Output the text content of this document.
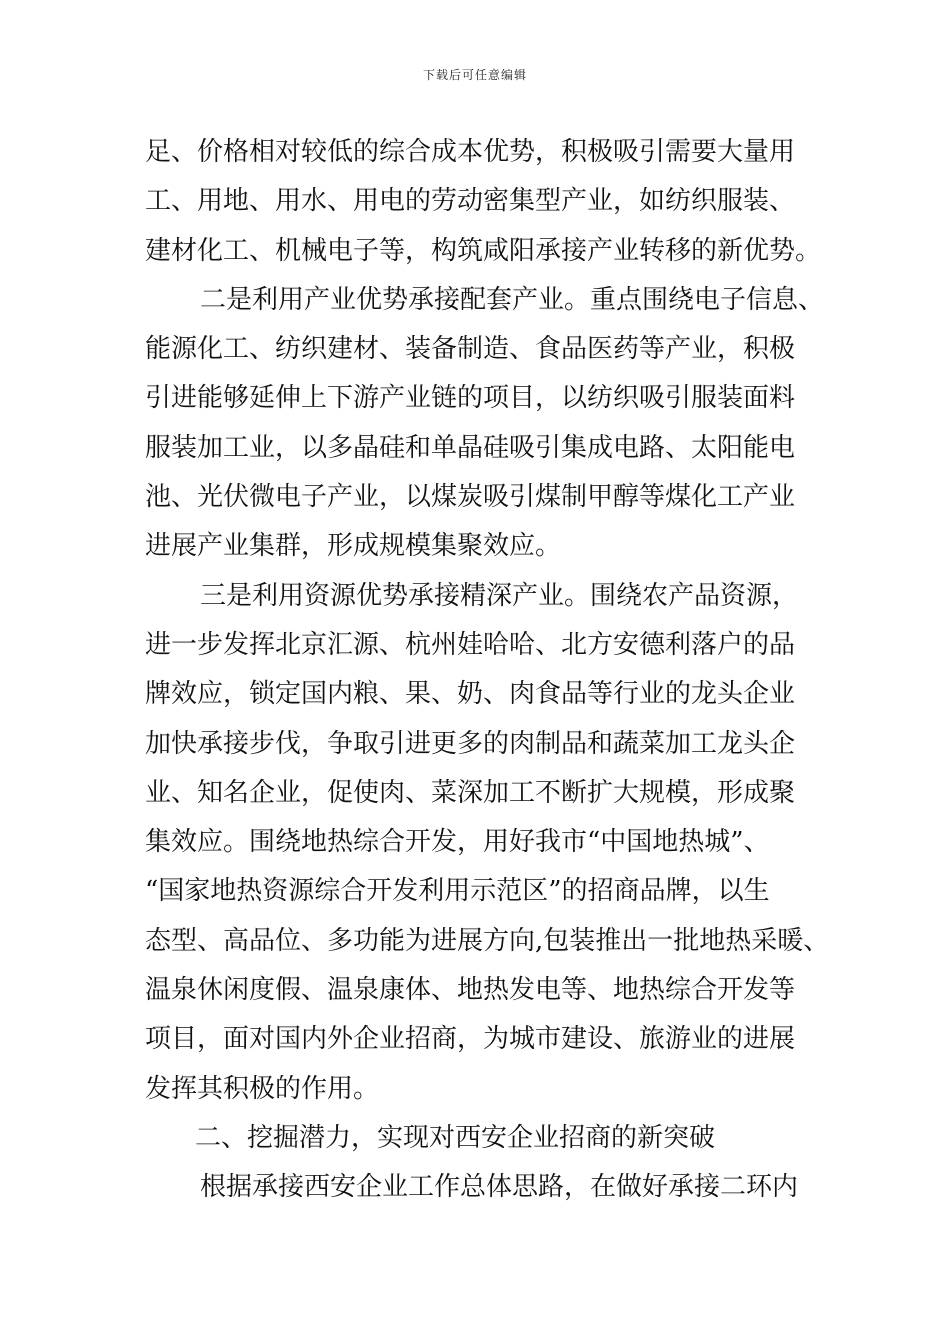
下载后可任意编辑
足、价格相对较低的综合成本优势，积极吸引需要大量用
工、用地、用水、用电的劳动密集型产业，如纺织服装、
建材化工、机械电子等，构筑咸阳承接产业转移的新优势。
二是利用产业优势承接配套产业。重点围绕电子信息、
能源化工、纺织建材、装备制造、食品医药等产业，积极
引进能够延伸上下游产业链的项目，以纺织吸引服装面料
服装加工业，以多晶硅和单晶硅吸引集成电路、太阳能电
池、光伏微电子产业，以煤炭吸引煤制甲醇等煤化工产业
进展产业集群，形成规模集聚效应。
三是利用资源优势承接精深产业。围绕农产品资源，
进一步发挥北京汇源、杭州娃哈哈、北方安德利落户的品
牌效应，锁定国内粮、果、奶、肉食品等行业的龙头企业
加快承接步伐，争取引进更多的肉制品和蔬菜加工龙头企
业、知名企业，促使肉、菜深加工不断扩大规模，形成聚
集效应。围绕地热综合开发，用好我市“中国地热城”、
“国家地热资源综合开发利用示范区”的招商品牌，以生
态型、高品位、多功能为进展方向,包装推出一批地热采暖、
温泉休闲度假、温泉康体、地热发电等、地热综合开发等
项目，面对国内外企业招商，为城市建设、旅游业的进展
发挥其积极的作用。
二、挖掘潜力，实现对西安企业招商的新突破
根据承接西安企业工作总体思路，在做好承接二环内
